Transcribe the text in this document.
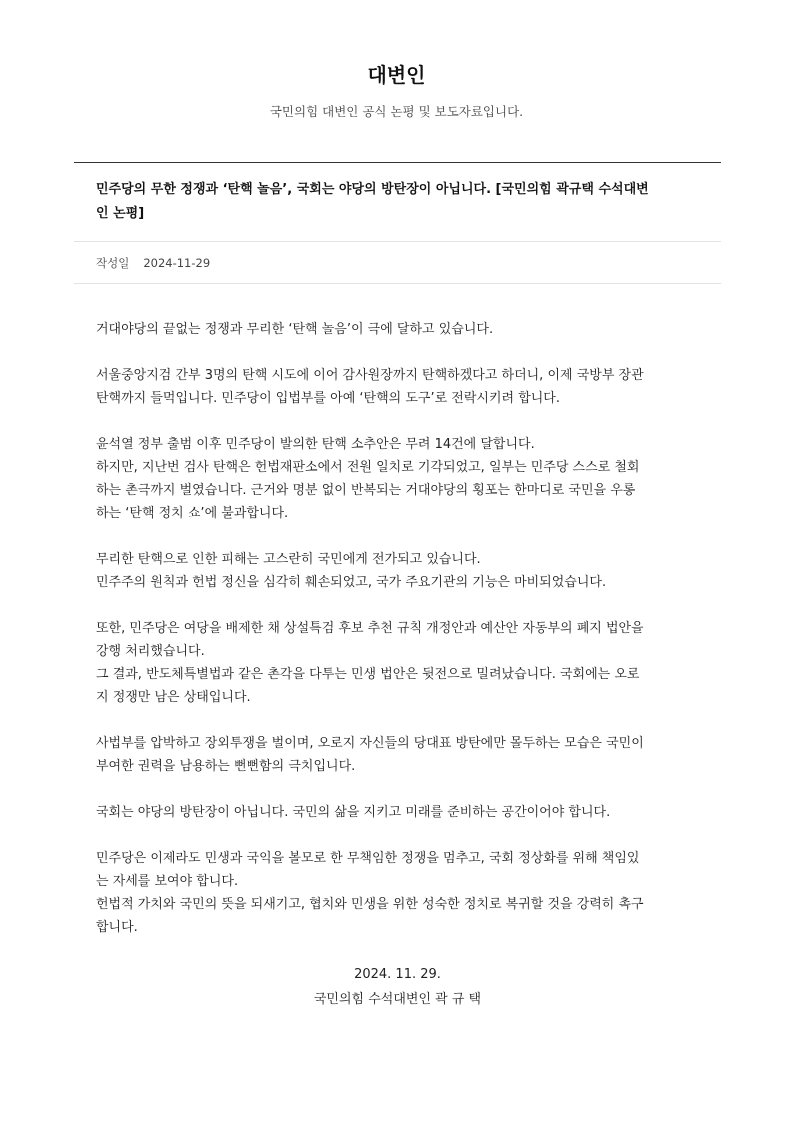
대변인

국민의힘 대변인 공식 논평 및 보도자료입니다.

민주당의 무한 정쟁과 ‘탄핵 놀음’, 국회는 야당의 방탄장이 아닙니다. [국민의힘 곽규택 수석대변
인 논평]
작성일 2024-11-29
거대야당의 끝없는 정쟁과 무리한 ‘탄핵 놀음’이 극에 달하고 있습니다.
서울중앙지검 간부 3명의 탄핵 시도에 이어 감사원장까지 탄핵하겠다고 하더니, 이제 국방부 장관
탄핵까지 들먹입니다. 민주당이 입법부를 아예 ‘탄핵의 도구’로 전락시키려 합니다.
윤석열 정부 출범 이후 민주당이 발의한 탄핵 소추안은 무려 14건에 달합니다.
하지만, 지난번 검사 탄핵은 헌법재판소에서 전원 일치로 기각되었고, 일부는 민주당 스스로 철회
하는 촌극까지 벌였습니다. 근거와 명분 없이 반복되는 거대야당의 횡포는 한마디로 국민을 우롱
하는 ‘탄핵 정치 쇼’에 불과합니다.
무리한 탄핵으로 인한 피해는 고스란히 국민에게 전가되고 있습니다.
민주주의 원칙과 헌법 정신을 심각히 훼손되었고, 국가 주요기관의 기능은 마비되었습니다.
또한, 민주당은 여당을 배제한 채 상설특검 후보 추천 규칙 개정안과 예산안 자동부의 폐지 법안을
강행 처리했습니다.
그 결과, 반도체특별법과 같은 촌각을 다투는 민생 법안은 뒷전으로 밀려났습니다. 국회에는 오로
지 정쟁만 남은 상태입니다.
사법부를 압박하고 장외투쟁을 벌이며, 오로지 자신들의 당대표 방탄에만 몰두하는 모습은 국민이
부여한 권력을 남용하는 뻔뻔함의 극치입니다.
국회는 야당의 방탄장이 아닙니다. 국민의 삶을 지키고 미래를 준비하는 공간이어야 합니다.
민주당은 이제라도 민생과 국익을 볼모로 한 무책임한 정쟁을 멈추고, 국회 정상화를 위해 책임있
는 자세를 보여야 합니다.
헌법적 가치와 국민의 뜻을 되새기고, 협치와 민생을 위한 성숙한 정치로 복귀할 것을 강력히 촉구
합니다.
2024. 11. 29.
국민의힘 수석대변인 곽 규 택
